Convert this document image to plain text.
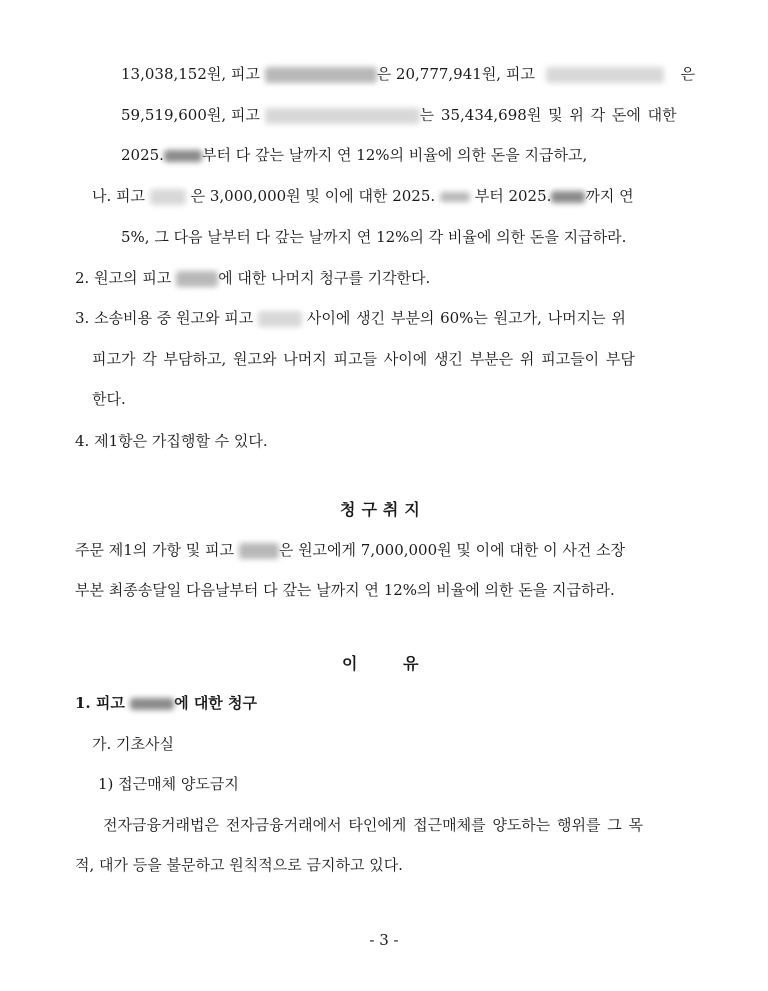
13,038,152원, 피고	은 20,777,941원, 피고	은
59,519,600원, 피고	는 35,434,698원 및 위 각 돈에 대한
2025.	부터 다 갚는 날까지 연 12%의 비율에 의한 돈을 지급하고,
나. 피고	은 3,000,000원 및 이에 대한 2025.	부터 2025. 까지 연
5%, 그 다음 날부터 다 갚는 날까지 연 12%의 각 비율에 의한 돈을 지급하라.
2. 원고의 피고	에 대한 나머지 청구를 기각한다.
3. 소송비용 중 원고와 피고	사이에 생긴 부분의 60%는 원고가, 나머지는 위
피고가 각 부담하고, 원고와 나머지 피고들 사이에 생긴 부분은 위 피고들이 부담
한다.
4. 제1항은 가집행할 수 있다.
청구취지
주문 제1의 가항 및 피고	은 원고에게 7,000,000원 및 이에 대한 이 사건 소장
부본 최종송달일 다음날부터 다 갚는 날까지 연 12%의 비율에 의한 돈을 지급하라.
이 유
1. 피고	에 대한 청구
가. 기초사실
1) 접근매체 양도금지
전자금융거래법은 전자금융거래에서 타인에게 접근매체를 양도하는 행위를 그 목
적, 대가 등을 불문하고 원칙적으로 금지하고 있다.
- 3 -
